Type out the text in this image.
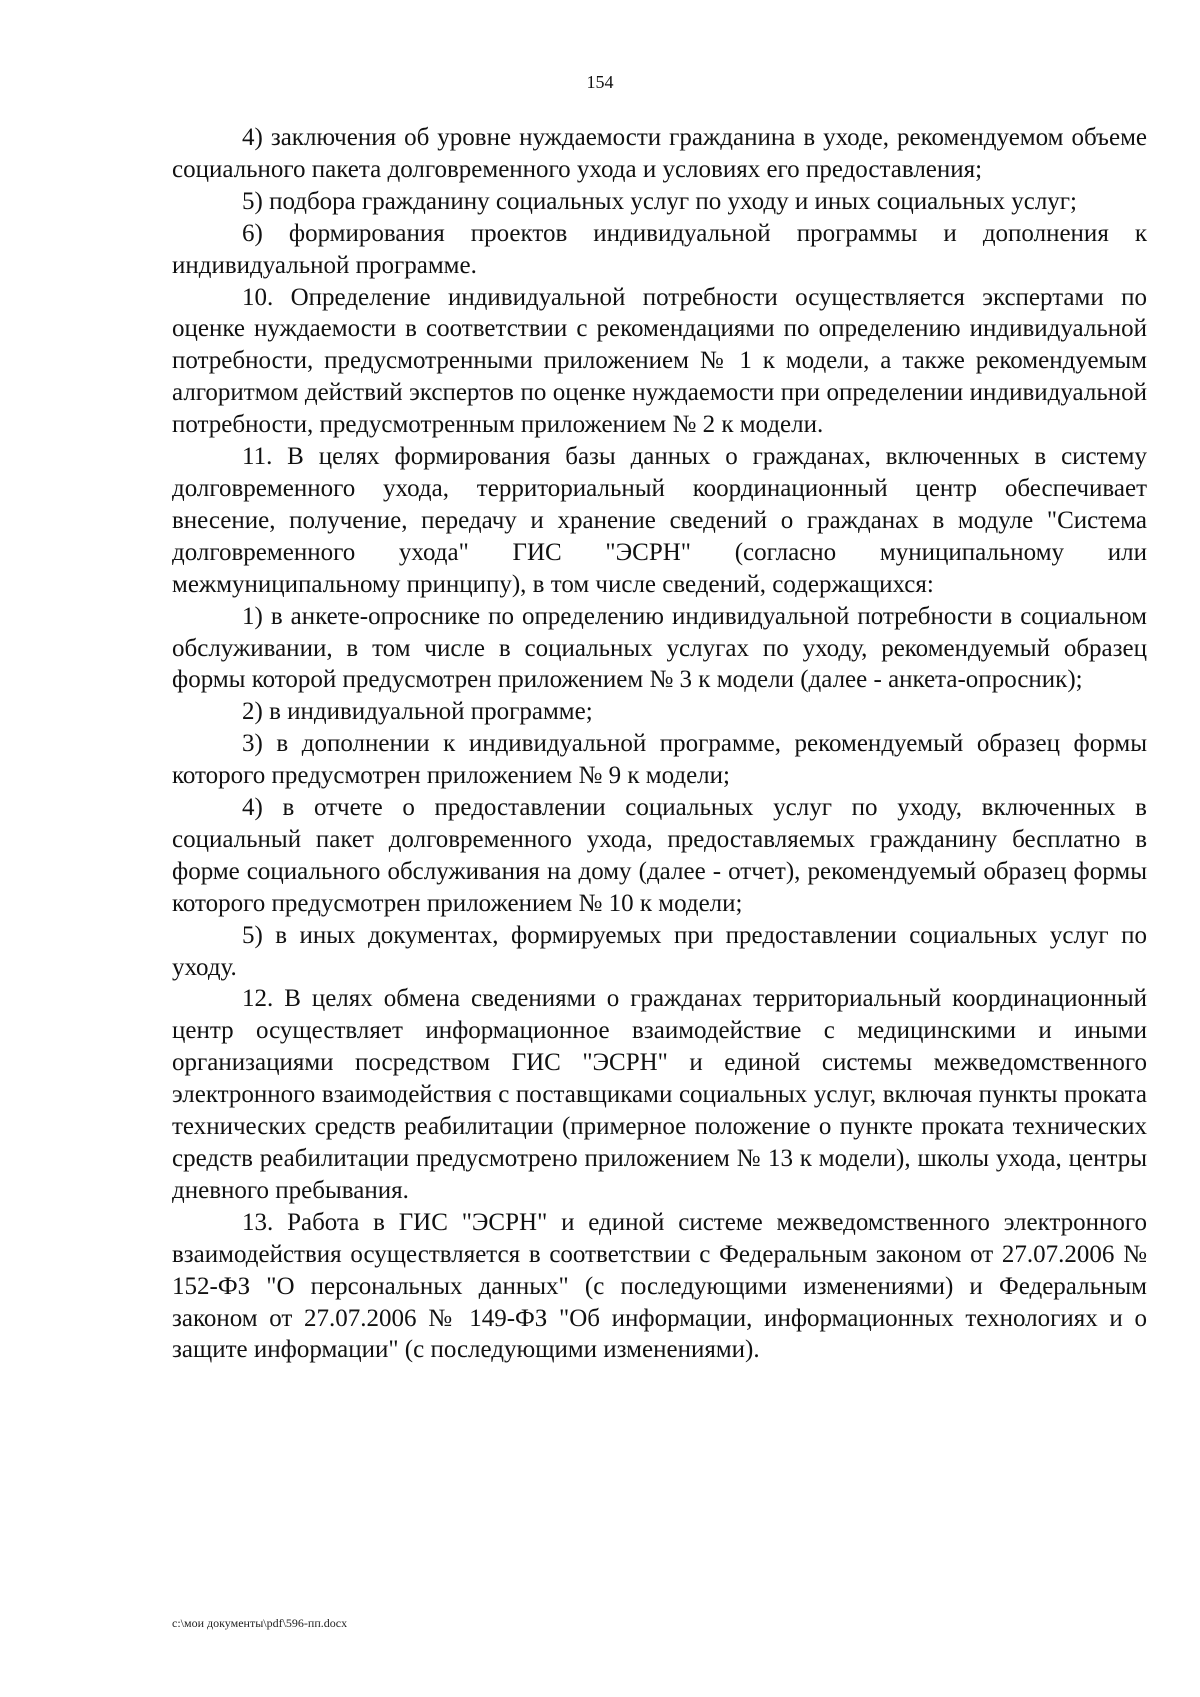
154

4) заключения об уровне нуждаемости гражданина в уходе, рекомендуемом объеме социального пакета долговременного ухода и условиях его предоставления;

5) подбора гражданину социальных услуг по уходу и иных социальных услуг;

6) формирования проектов индивидуальной программы и дополнения к индивидуальной программе.

10. Определение индивидуальной потребности осуществляется экспертами по оценке нуждаемости в соответствии с рекомендациями по определению индивидуальной потребности, предусмотренными приложением № 1 к модели, а также рекомендуемым алгоритмом действий экспертов по оценке нуждаемости при определении индивидуальной потребности, предусмотренным приложением № 2 к модели.

11. В целях формирования базы данных о гражданах, включенных в систему долговременного ухода, территориальный координационный центр обеспечивает внесение, получение, передачу и хранение сведений о гражданах в модуле "Система долговременного ухода" ГИС "ЭСРН" (согласно муниципальному или межмуниципальному принципу), в том числе сведений, содержащихся:

1) в анкете-опроснике по определению индивидуальной потребности в социальном обслуживании, в том числе в социальных услугах по уходу, рекомендуемый образец формы которой предусмотрен приложением № 3 к модели (далее - анкета-опросник);

2) в индивидуальной программе;

3) в дополнении к индивидуальной программе, рекомендуемый образец формы которого предусмотрен приложением № 9 к модели;

4) в отчете о предоставлении социальных услуг по уходу, включенных в социальный пакет долговременного ухода, предоставляемых гражданину бесплатно в форме социального обслуживания на дому (далее - отчет), рекомендуемый образец формы которого предусмотрен приложением № 10 к модели;

5) в иных документах, формируемых при предоставлении социальных услуг по уходу.

12. В целях обмена сведениями о гражданах территориальный координационный центр осуществляет информационное взаимодействие с медицинскими и иными организациями посредством ГИС "ЭСРН" и единой системы межведомственного электронного взаимодействия с поставщиками социальных услуг, включая пункты проката технических средств реабилитации (примерное положение о пункте проката технических средств реабилитации предусмотрено приложением № 13 к модели), школы ухода, центры дневного пребывания.

13. Работа в ГИС "ЭСРН" и единой системе межведомственного электронного взаимодействия осуществляется в соответствии с Федеральным законом от 27.07.2006 № 152-ФЗ "О персональных данных" (с последующими изменениями) и Федеральным законом от 27.07.2006 № 149-ФЗ "Об информации, информационных технологиях и о защите информации" (с последующими изменениями).

c:\мои документы\pdf\596-пп.docx
